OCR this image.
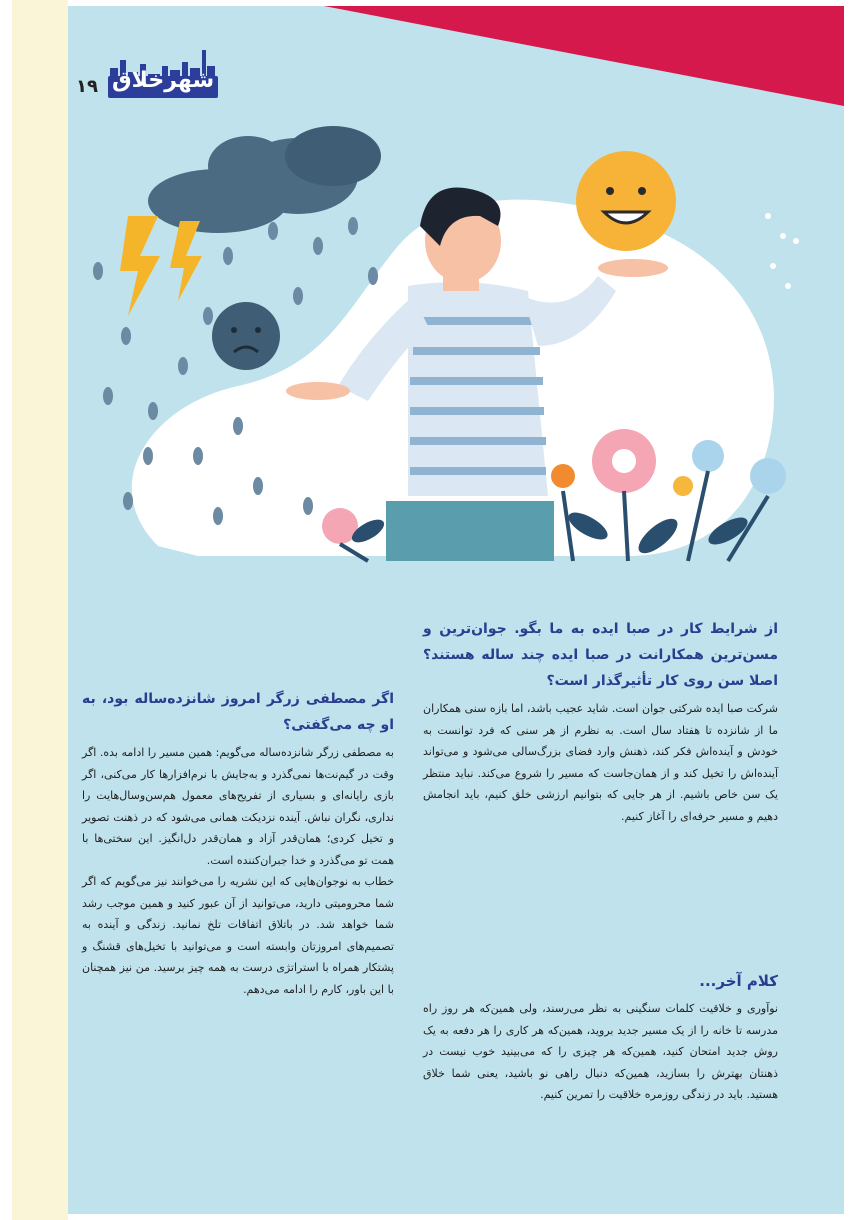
شهرخلاق
۱۹
از شرایط کار در صبا ایده به ما بگو. جوان‌ترین و مسن‌ترین همکارانت در صبا ایده چند ساله هستند؟ اصلا سن روی کار تأثیرگذار است؟

شرکت صبا ایده شرکتی جوان است. شاید عجیب باشد، اما بازه سنی همکاران ما از شانزده تا هفتاد سال است. به نظرم از هر سنی که فرد توانست به خودش و آینده‌اش فکر کند، ذهنش وارد فضای بزرگ‌سالی می‌شود و می‌تواند آینده‌اش را تخیل کند و از همان‌جاست که مسیر را شروع می‌کند. نباید منتظر یک سن خاص باشیم. از هر جایی که بتوانیم ارزشی خلق کنیم، باید انجامش دهیم و مسیر حرفه‌ای را آغاز کنیم.

اگر مصطفی زرگر امروز شانزده‌ساله بود، به او چه می‌گفتی؟

به مصطفی زرگر شانزده‌ساله می‌گویم: همین مسیر را ادامه بده. اگر وقت در گیم‌نت‌ها نمی‌گذرد و به‌جایش با نرم‌افزارها کار می‌کنی، اگر بازی رایانه‌ای و بسیاری از تفریح‌های معمول هم‌سن‌وسال‌هایت را نداری، نگران نباش. آینده نزدیکت همانی می‌شود که در ذهنت تصویر و تخیل کردی؛ همان‌قدر آزاد و همان‌قدر دل‌انگیز. این سختی‌ها با همت تو می‌گذرد و خدا جبران‌کننده است.

خطاب به نوجوان‌هایی که این نشریه را می‌خوانند نیز می‌گویم که اگر شما محرومیتی دارید، می‌توانید از آن عبور کنید و همین موجب رشد شما خواهد شد. در باتلاق اتفاقات تلخ نمانید. زندگی و آینده به تصمیم‌های امروزتان وابسته است و می‌توانید با تخیل‌های قشنگ و پشتکار همراه با استراتژی درست به همه چیز برسید. من نیز همچنان با این باور، کارم را ادامه می‌دهم.	کلام آخر...

نوآوری و خلاقیت کلمات سنگینی به نظر می‌رسند، ولی همین‌که هر روز راه مدرسه تا خانه را از یک مسیر جدید بروید، همین‌که هر کاری را هر دفعه به یک روش جدید امتحان کنید، همین‌که هر چیزی را که می‌بینید خوب نیست در ذهنتان بهترش را بسازید، همین‌که دنبال راهی نو باشید، یعنی شما خلاق هستید. باید در زندگی روزمره خلاقیت را تمرین کنیم.
